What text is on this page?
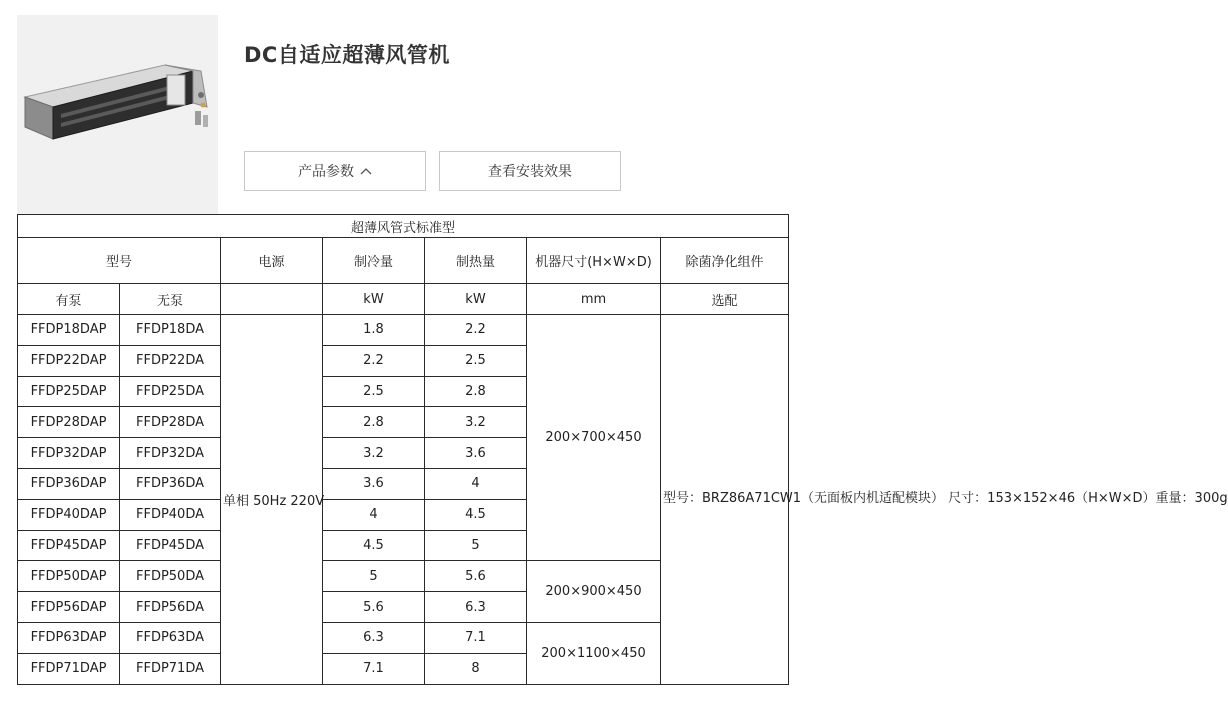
DC自适应超薄风管机
产品参数	查看安装效果
超薄风管式标准型						
型号		电源	制冷量	制热量	机器尺寸(H×W×D)	除菌净化组件
有泵	无泵		kW	kW	mm	选配
FFDP18DAP	FFDP18DA	单相 50Hz 220V	1.8	2.2	200×700×450	型号：BRZ86A71CW1（无面板内机适配模块） 尺寸：153×152×46（H×W×D）重量：300g
FFDP22DAP	FFDP22DA		2.2	2.5		
FFDP25DAP	FFDP25DA		2.5	2.8		
FFDP28DAP	FFDP28DA		2.8	3.2		
FFDP32DAP	FFDP32DA		3.2	3.6		
FFDP36DAP	FFDP36DA		3.6	4		
FFDP40DAP	FFDP40DA		4	4.5		
FFDP45DAP	FFDP45DA		4.5	5		
FFDP50DAP	FFDP50DA		5	5.6	200×900×450	
FFDP56DAP	FFDP56DA		5.6	6.3		
FFDP63DAP	FFDP63DA		6.3	7.1	200×1100×450	
FFDP71DAP	FFDP71DA		7.1	8		
